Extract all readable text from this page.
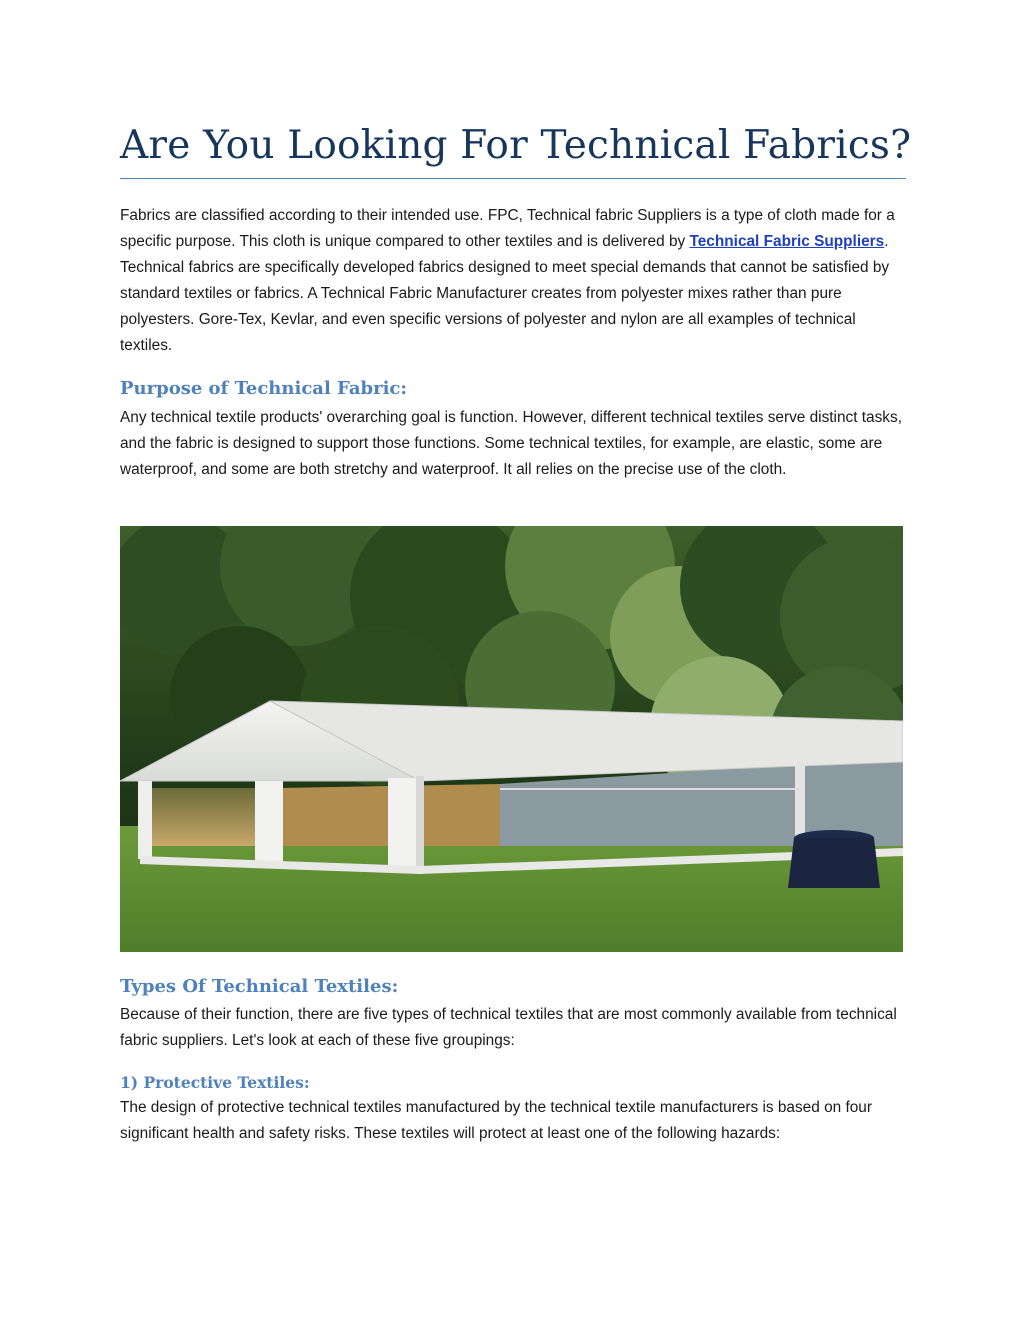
Are You Looking For Technical Fabrics?

Fabrics are classified according to their intended use. FPC, Technical fabric Suppliers is a type of cloth made for a specific purpose. This cloth is unique compared to other textiles and is delivered by Technical Fabric Suppliers. Technical fabrics are specifically developed fabrics designed to meet special demands that cannot be satisfied by standard textiles or fabrics. A Technical Fabric Manufacturer creates from polyester mixes rather than pure polyesters. Gore-Tex, Kevlar, and even specific versions of polyester and nylon are all examples of technical textiles.

Purpose of Technical Fabric:

Any technical textile products' overarching goal is function. However, different technical textiles serve distinct tasks, and the fabric is designed to support those functions. Some technical textiles, for example, are elastic, some are waterproof, and some are both stretchy and waterproof. It all relies on the precise use of the cloth.

Types Of Technical Textiles:

Because of their function, there are five types of technical textiles that are most commonly available from technical fabric suppliers. Let's look at each of these five groupings:

1) Protective Textiles:

The design of protective technical textiles manufactured by the technical textile manufacturers is based on four significant health and safety risks. These textiles will protect at least one of the following hazards:
